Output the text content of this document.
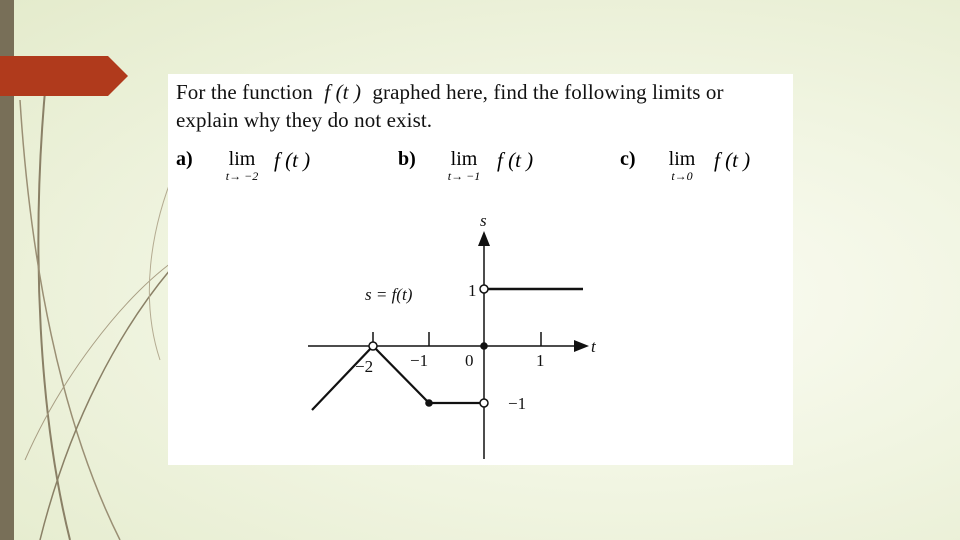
For the function f (t ) graphed here, find the following limits or
explain why they do not exist.
a)	lim
t→ −2
f (t )	b)	lim
t→ −1
f (t )	c)	lim
t→0
f (t )
s
t
s = f(t)
−2 −1 0	1
1
−1
